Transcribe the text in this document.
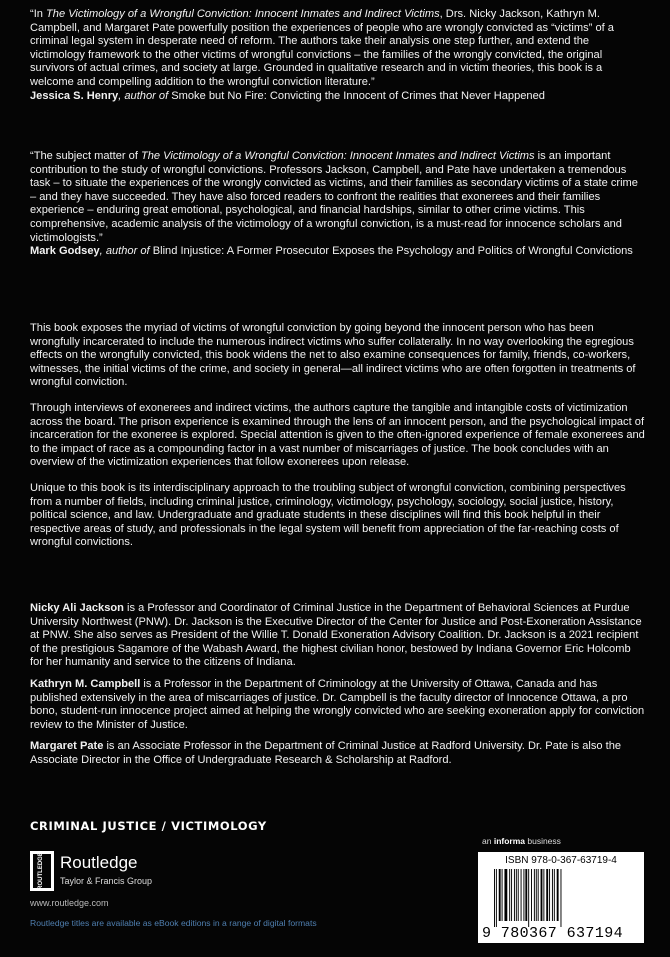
“In The Victimology of a Wrongful Conviction: Innocent Inmates and Indirect Victims, Drs. Nicky Jackson, Kathryn M. Campbell, and Margaret Pate powerfully position the experiences of people who are wrongly convicted as “victims” of a criminal legal system in desperate need of reform. The authors take their analysis one step further, and extend the victimology framework to the other victims of wrongful convictions – the families of the wrongly convicted, the original survivors of actual crimes, and society at large. Grounded in qualitative research and in victim theories, this book is a welcome and compelling addition to the wrongful conviction literature.”
Jessica S. Henry, author of Smoke but No Fire: Convicting the Innocent of Crimes that Never Happened
“The subject matter of The Victimology of a Wrongful Conviction: Innocent Inmates and Indirect Victims is an important contribution to the study of wrongful convictions. Professors Jackson, Campbell, and Pate have undertaken a tremendous task – to situate the experiences of the wrongly convicted as victims, and their families as secondary victims of a state crime – and they have succeeded. They have also forced readers to confront the realities that exonerees and their families experience – enduring great emotional, psychological, and financial hardships, similar to other crime victims. This comprehensive, academic analysis of the victimology of a wrongful conviction, is a must-read for innocence scholars and victimologists.”
Mark Godsey, author of Blind Injustice: A Former Prosecutor Exposes the Psychology and Politics of Wrongful Convictions

This book exposes the myriad of victims of wrongful conviction by going beyond the innocent person who has been wrongfully incarcerated to include the numerous indirect victims who suffer collaterally. In no way overlooking the egregious effects on the wrongfully convicted, this book widens the net to also examine consequences for family, friends, co-workers, witnesses, the initial victims of the crime, and society in general—all indirect victims who are often forgotten in treatments of wrongful conviction.

Through interviews of exonerees and indirect victims, the authors capture the tangible and intangible costs of victimization across the board. The prison experience is examined through the lens of an innocent person, and the psychological impact of incarceration for the exoneree is explored. Special attention is given to the often-ignored experience of female exonerees and to the impact of race as a compounding factor in a vast number of miscarriages of justice. The book concludes with an overview of the victimization experiences that follow exonerees upon release.

Unique to this book is its interdisciplinary approach to the troubling subject of wrongful conviction, combining perspectives from a number of fields, including criminal justice, criminology, victimology, psychology, sociology, social justice, history, political science, and law. Undergraduate and graduate students in these disciplines will find this book helpful in their respective areas of study, and professionals in the legal system will benefit from appreciation of the far-reaching costs of wrongful convictions.

Nicky Ali Jackson is a Professor and Coordinator of Criminal Justice in the Department of Behavioral Sciences at Purdue University Northwest (PNW). Dr. Jackson is the Executive Director of the Center for Justice and Post-Exoneration Assistance at PNW. She also serves as President of the Willie T. Donald Exoneration Advisory Coalition. Dr. Jackson is a 2021 recipient of the prestigious Sagamore of the Wabash Award, the highest civilian honor, bestowed by Indiana Governor Eric Holcomb for her humanity and service to the citizens of Indiana.

Kathryn M. Campbell is a Professor in the Department of Criminology at the University of Ottawa, Canada and has published extensively in the area of miscarriages of justice. Dr. Campbell is the faculty director of Innocence Ottawa, a pro bono, student-run innocence project aimed at helping the wrongly convicted who are seeking exoneration apply for conviction review to the Minister of Justice.

Margaret Pate is an Associate Professor in the Department of Criminal Justice at Radford University. Dr. Pate is also the Associate Director in the Office of Undergraduate Research & Scholarship at Radford.

CRIMINAL JUSTICE / VICTIMOLOGY
ROUTLEDGE Routledge
Taylor & Francis Group
www.routledge.com
Routledge titles are available as eBook editions in a range of digital formats
an informa business
ISBN 978-0-367-63719-4
9 780367 637194
